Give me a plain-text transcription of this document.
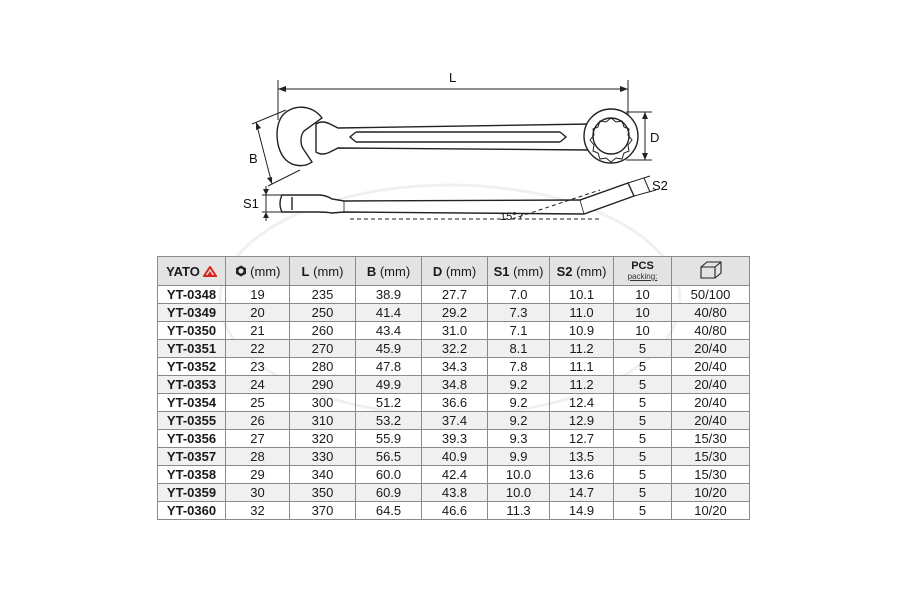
L
D
B
S1
S2
15°
YATO	(mm)	L (mm)	B (mm)	D (mm)	S1 (mm)	S2 (mm)	PCS
packing:

YT-0348	19	235	38.9	27.7	7.0	10.1	10	50/100
YT-0349	20	250	41.4	29.2	7.3	11.0	10	40/80
YT-0350	21	260	43.4	31.0	7.1	10.9	10	40/80
YT-0351	22	270	45.9	32.2	8.1	11.2	5	20/40
YT-0352	23	280	47.8	34.3	7.8	11.1	5	20/40
YT-0353	24	290	49.9	34.8	9.2	11.2	5	20/40
YT-0354	25	300	51.2	36.6	9.2	12.4	5	20/40
YT-0355	26	310	53.2	37.4	9.2	12.9	5	20/40
YT-0356	27	320	55.9	39.3	9.3	12.7	5	15/30
YT-0357	28	330	56.5	40.9	9.9	13.5	5	15/30
YT-0358	29	340	60.0	42.4	10.0	13.6	5	15/30
YT-0359	30	350	60.9	43.8	10.0	14.7	5	10/20
YT-0360	32	370	64.5	46.6	11.3	14.9	5	10/20
